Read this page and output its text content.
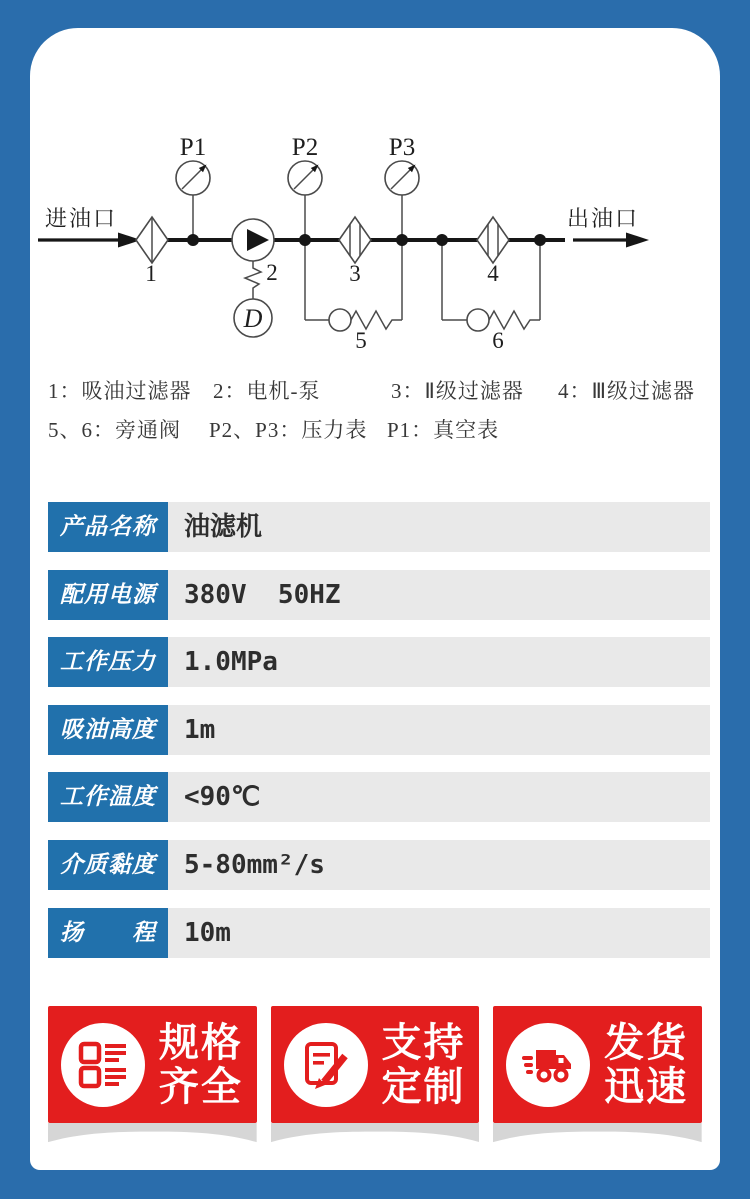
D
进油口	出油口
P1	P2	P3
1	2	3	4
5	6
1：吸油过滤器 2：电机-泵	3：Ⅱ级过滤器 4：Ⅲ级过滤器
5、6：旁通阀 P2、P3：压力表 P1：真空表
产品名称	油滤机
配用电源	380V  50HZ
工作压力	1.0MPa
吸油高度	1m
工作温度	<90℃
介质黏度	5-80mm²/s
扬　　程	10m
规格
齐全
支持
定制
发货
迅速
